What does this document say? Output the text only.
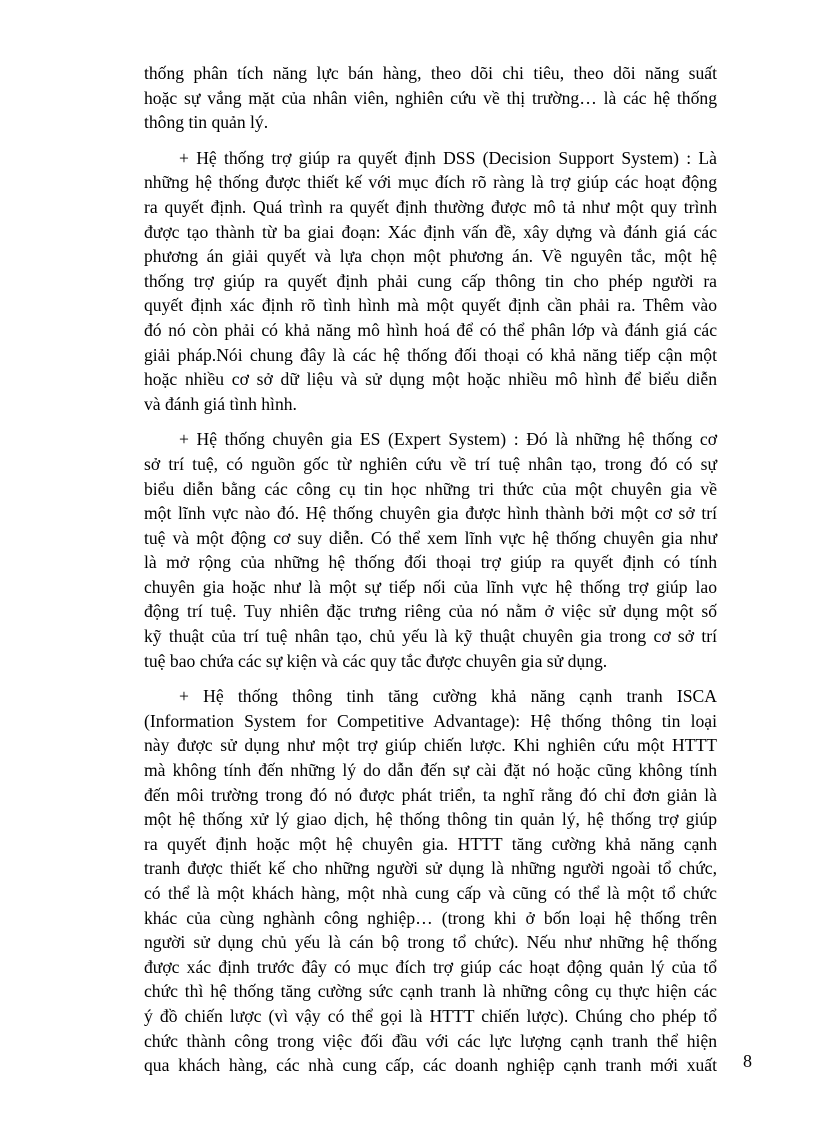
thống phân tích năng lực bán hàng, theo dõi chi tiêu, theo dõi năng suất
hoặc sự vắng mặt của nhân viên, nghiên cứu về thị trường… là các hệ thống
thông tin quản lý.
+ Hệ thống trợ giúp ra quyết định DSS (Decision Support System) : Là
những hệ thống được thiết kế với mục đích rõ ràng là trợ giúp các hoạt động
ra quyết định. Quá trình ra quyết định thường được mô tả như một quy trình
được tạo thành từ ba giai đoạn: Xác định vấn đề, xây dựng và đánh giá các
phương án giải quyết và lựa chọn một phương án. Về nguyên tắc, một hệ
thống trợ giúp ra quyết định phải cung cấp thông tin cho phép người ra
quyết định xác định rõ tình hình mà một quyết định cần phải ra. Thêm vào
đó nó còn phải có khả năng mô hình hoá để có thể phân lớp và đánh giá các
giải pháp.Nói chung đây là các hệ thống đối thoại có khả năng tiếp cận một
hoặc nhiều cơ sở dữ liệu và sử dụng một hoặc nhiều mô hình để biểu diễn
và đánh giá tình hình.
+ Hệ thống chuyên gia ES (Expert System) : Đó là những hệ thống cơ
sở trí tuệ, có nguồn gốc từ nghiên cứu về trí tuệ nhân tạo, trong đó có sự
biểu diễn bằng các công cụ tin học những tri thức của một chuyên gia về
một lĩnh vực nào đó. Hệ thống chuyên gia được hình thành bởi một cơ sở trí
tuệ và một động cơ suy diễn. Có thể xem lĩnh vực hệ thống chuyên gia như
là mở rộng của những hệ thống đối thoại trợ giúp ra quyết định có tính
chuyên gia hoặc như là một sự tiếp nối của lĩnh vực hệ thống trợ giúp lao
động trí tuệ. Tuy nhiên đặc trưng riêng của nó nằm ở việc sử dụng một số
kỹ thuật của trí tuệ nhân tạo, chủ yếu là kỹ thuật chuyên gia trong cơ sở trí
tuệ bao chứa các sự kiện và các quy tắc được chuyên gia sử dụng.
+ Hệ thống thông tinh tăng cường khả năng cạnh tranh ISCA
(Information System for Competitive Advantage): Hệ thống thông tin loại
này được sử dụng như một trợ giúp chiến lược. Khi nghiên cứu một HTTT
mà không tính đến những lý do dẫn đến sự cài đặt nó hoặc cũng không tính
đến môi trường trong đó nó được phát triển, ta nghĩ rằng đó chỉ đơn giản là
một hệ thống xử lý giao dịch, hệ thống thông tin quản lý, hệ thống trợ giúp
ra quyết định hoặc một hệ chuyên gia. HTTT tăng cường khả năng cạnh
tranh được thiết kế cho những người sử dụng là những người ngoài tổ chức,
có thể là một khách hàng, một nhà cung cấp và cũng có thể là một tổ chức
khác của cùng nghành công nghiệp… (trong khi ở bốn loại hệ thống trên
người sử dụng chủ yếu là cán bộ trong tổ chức). Nếu như những hệ thống
được xác định trước đây có mục đích trợ giúp các hoạt động quản lý của tổ
chức thì hệ thống tăng cường sức cạnh tranh là những công cụ thực hiện các
ý đồ chiến lược (vì vậy có thể gọi là HTTT chiến lược). Chúng cho phép tổ
chức thành công trong việc đối đầu với các lực lượng cạnh tranh thể hiện
qua khách hàng, các nhà cung cấp, các doanh nghiệp cạnh tranh mới xuất 8
